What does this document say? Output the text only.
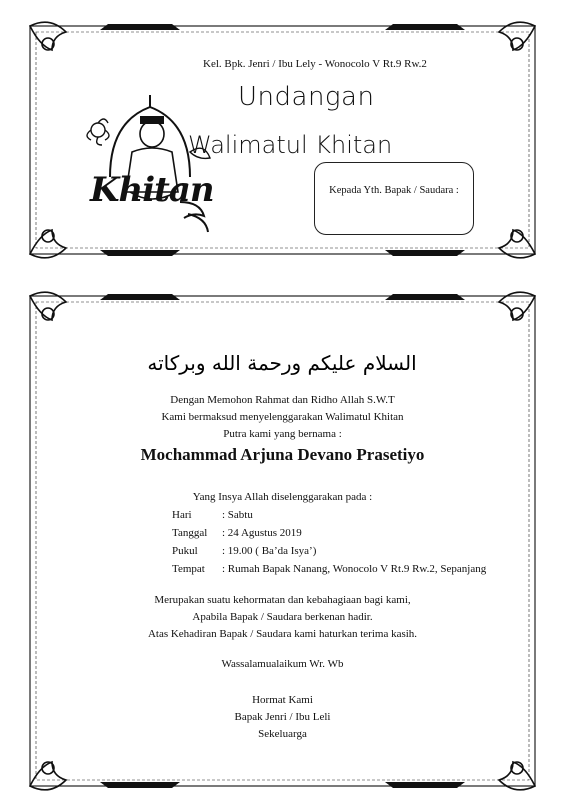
Kel. Bpk. Jenri / Ibu Lely - Wonocolo V Rt.9 Rw.2
Undangan
Walimatul Khitan
Khitan	Kepada Yth. Bapak / Saudara :
السلام عليكم ورحمة الله وبركاته
Dengan Memohon Rahmat dan Ridho Allah S.W.T
Kami bermaksud menyelenggarakan Walimatul Khitan
Putra kami yang bernama :
Mochammad Arjuna Devano Prasetiyo
Yang Insya Allah diselenggarakan pada :
Hari	: Sabtu
Tanggal	: 24 Agustus 2019
Pukul	: 19.00 ( Ba’da Isya’)
Tempat	: Rumah Bapak Nanang, Wonocolo V Rt.9 Rw.2, Sepanjang
Merupakan suatu kehormatan dan kebahagiaan bagi kami,
Apabila Bapak / Saudara berkenan hadir.
Atas Kehadiran Bapak / Saudara kami haturkan terima kasih.
Wassalamualaikum Wr. Wb
Hormat Kami
Bapak Jenri / Ibu Leli
Sekeluarga
